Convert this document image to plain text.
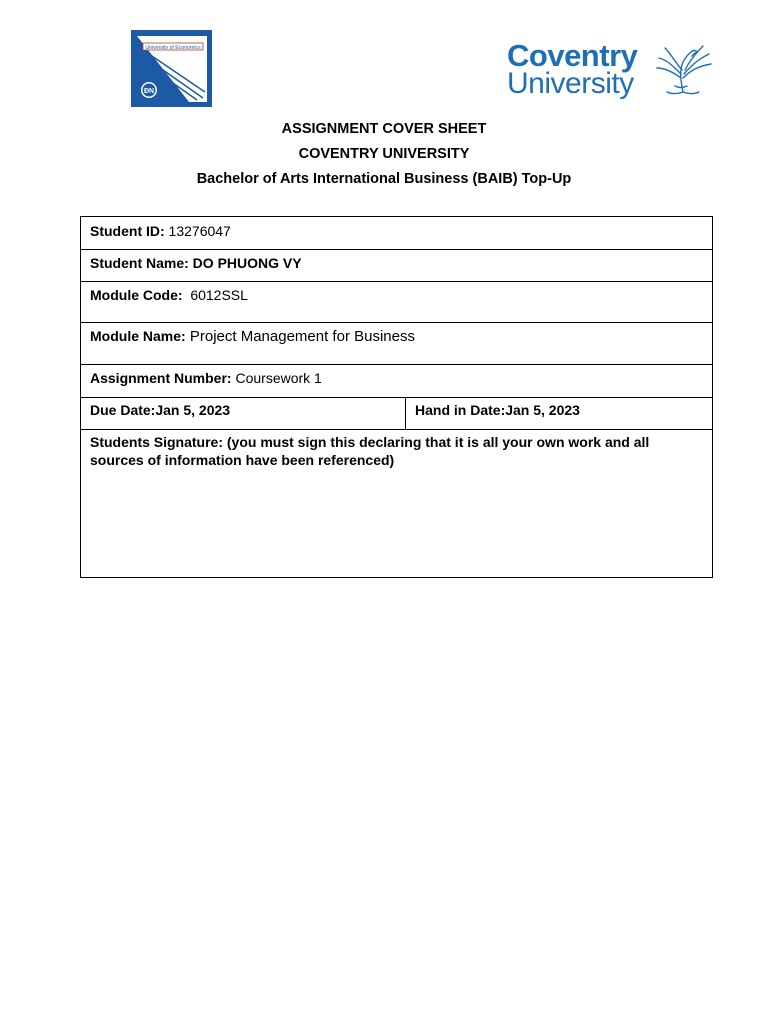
University of Economics
ĐN
Coventry
University
ASSIGNMENT COVER SHEET
COVENTRY UNIVERSITY
Bachelor of Arts International Business (BAIB) Top-Up
Student ID: 13276047
Student Name: DO PHUONG VY
Module Code:  6012SSL
Module Name: Project Management for Business
Assignment Number: Coursework 1
Due Date:Jan 5, 2023	Hand in Date:Jan 5, 2023
Students Signature: (you must sign this declaring that it is all your own work and all sources of information have been referenced)
